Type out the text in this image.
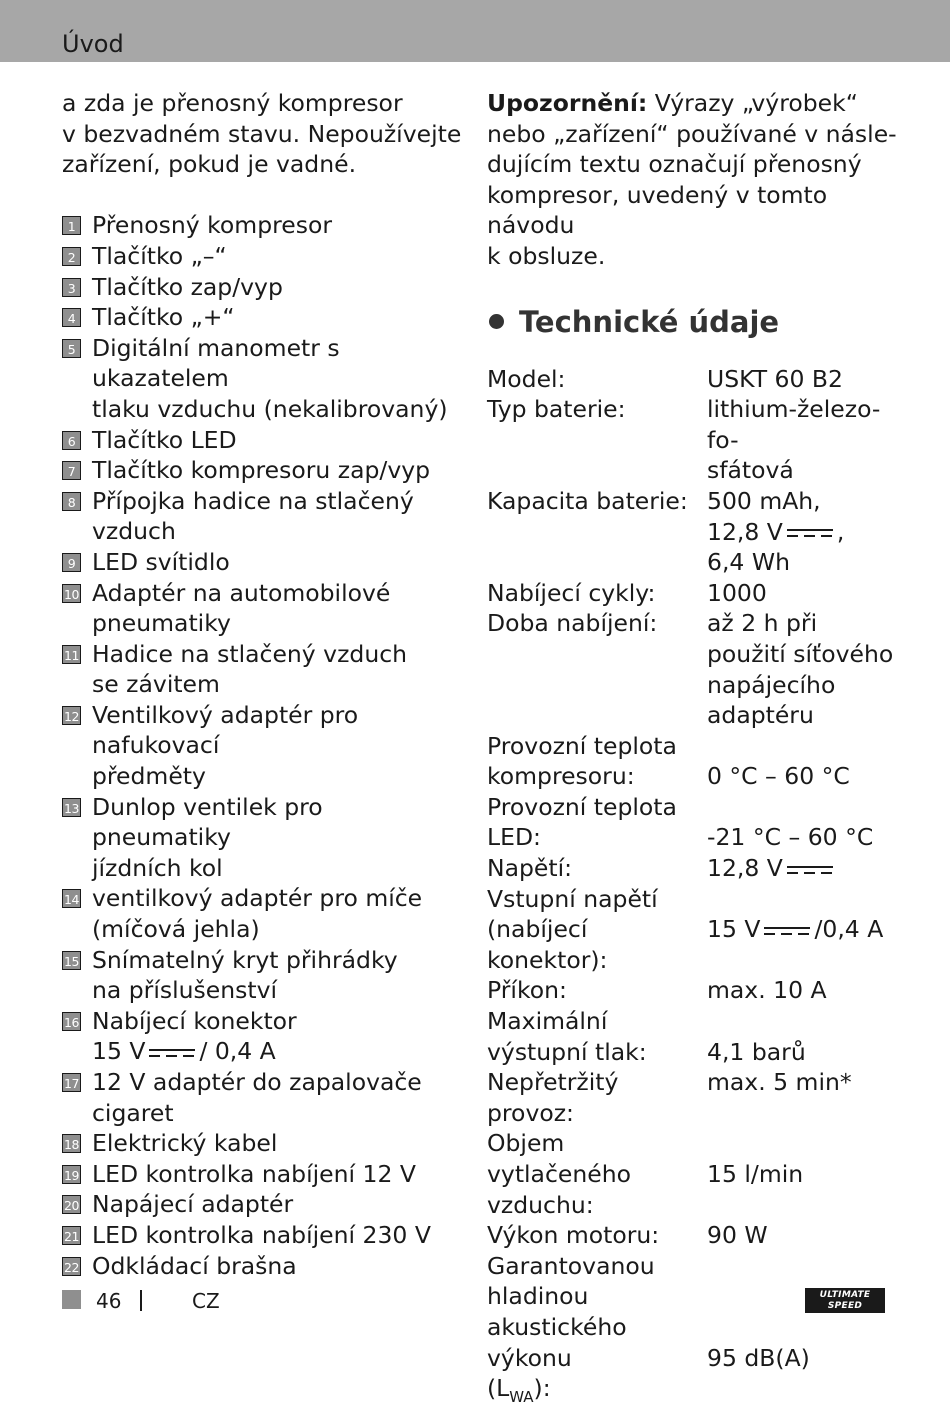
Úvod

a zda je přenosný kompresor

v bezvadném stavu. Nepoužívejte

zařízení, pokud je vadné.

1 Přenosný kompresor
2 Tlačítko „–“
3 Tlačítko zap/vyp
4 Tlačítko „+“
5 Digitální manometr s ukazatelem
tlaku vzduchu (nekalibrovaný)
6 Tlačítko LED
7 Tlačítko kompresoru zap/vyp
8 Přípojka hadice na stlačený
vzduch
9 LED svítidlo
10 Adaptér na automobilové
pneumatiky
11 Hadice na stlačený vzduch
se závitem
12 Ventilkový adaptér pro nafukovací
předměty
13 Dunlop ventilek pro pneumatiky
jízdních kol
14 ventilkový adaptér pro míče
(míčová jehla)
15 Snímatelný kryt přihrádky
na příslušenství
16 Nabíjecí konektor
15 V / 0,4 A
17 12 V adaptér do zapalovače
cigaret
18 Elektrický kabel
19 LED kontrolka nabíjení 12 V
20 Napájecí adaptér
21 LED kontrolka nabíjení 230 V
22 Odkládací brašna

Upozornění: Výrazy „výrobek“

nebo „zařízení“ používané v násle-

dujícím textu označují přenosný

kompresor, uvedený v tomto návodu

k obsluze.

Technické údaje
Model:	USKT 60 B2
Typ baterie:	lithium-železo-fo-
sfátová
Kapacita baterie: 500 mAh,
12,8 V ,
6,4 Wh
Nabíjecí cykly:	1000
Doba nabíjení:	až 2 h při
použití síťového
napájecího
adaptéru
Provozní teplota
kompresoru:	0 °C – 60 °C
Provozní teplota
LED:	-21 °C – 60 °C
Napětí:	12,8 V
Vstupní napětí
(nabíjecí konektor):

15 V /0,4 A
Příkon:	max. 10 A
Maximální
výstupní tlak:	4,1 barů
Nepřetržitý provoz:
max. 5 min*
Objem vytlačeného
vzduchu:

15 l/min
Výkon motoru:	90 W
Garantovanou
hladinou
akustického výkonu
$(L_{WA})$:

95 dB(A)
46	CZ	ULTIMATE
SPEED
